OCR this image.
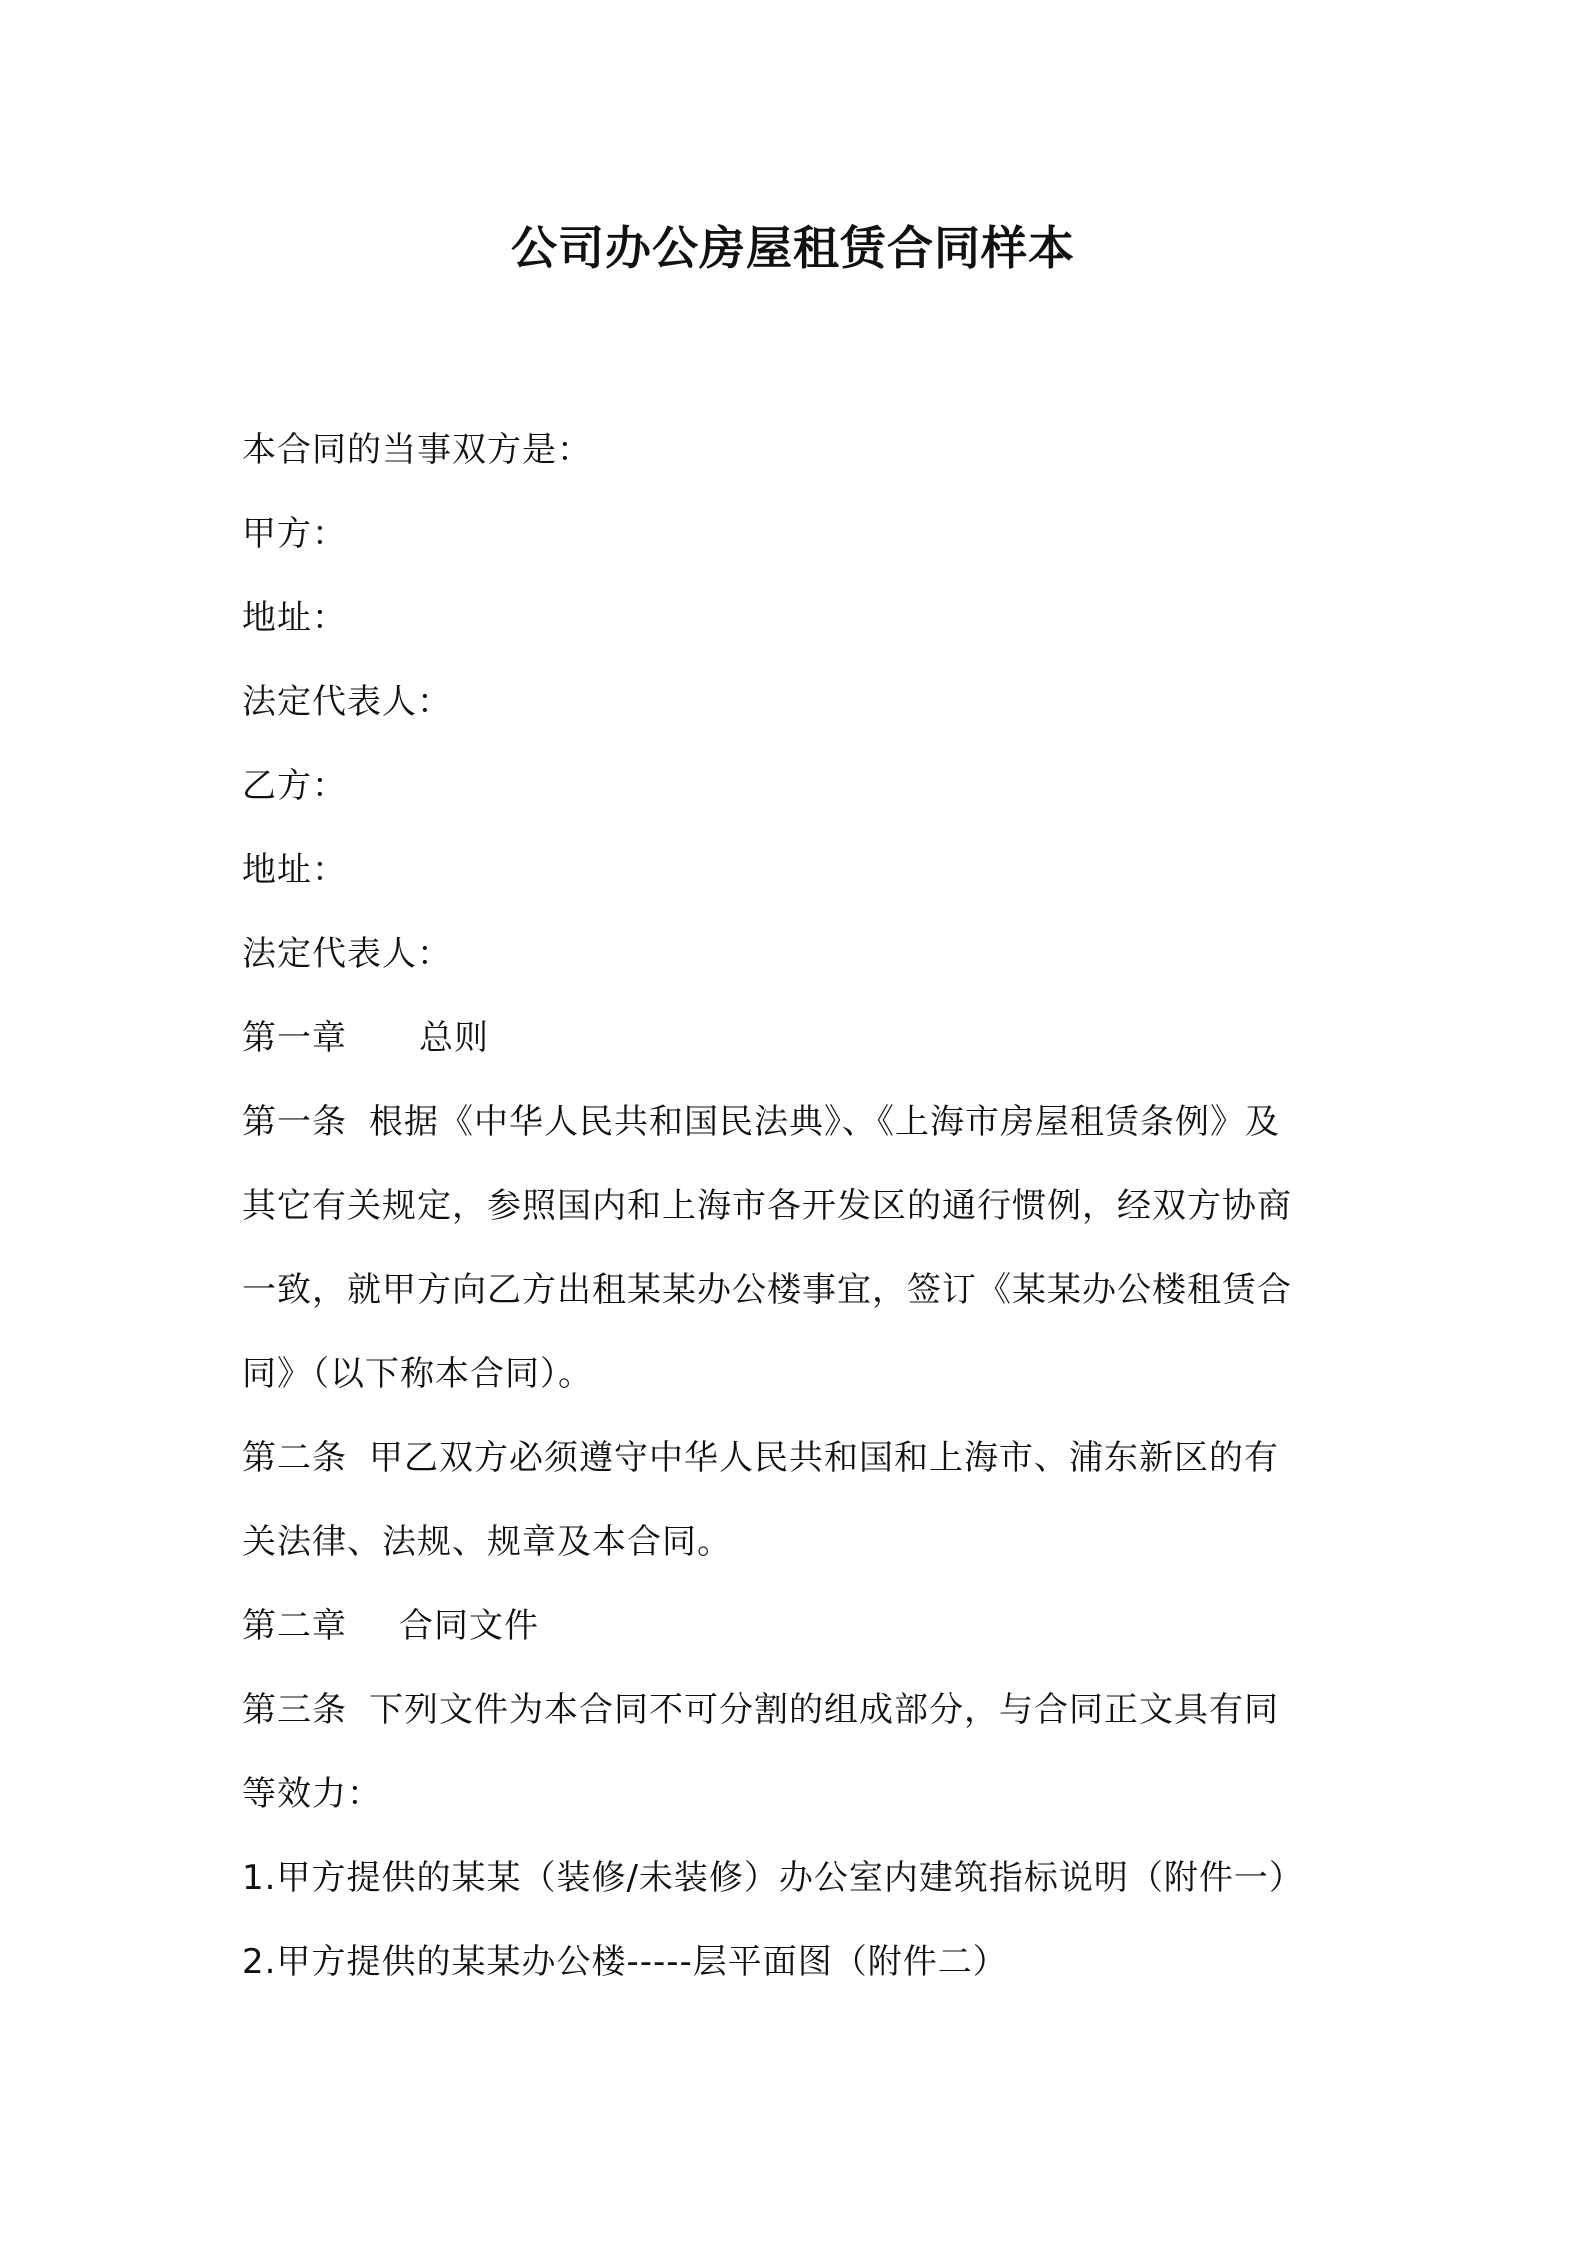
公司办公房屋租赁合同样本
本合同的当事双方是：
甲方：
地址：
法定代表人：
乙方：
地址：
法定代表人：
第一章 总则
第一条 根据《中华人民共和国民法典》、《上海市房屋租赁条例》及
其它有关规定，参照国内和上海市各开发区的通行惯例，经双方协商
一致，就甲方向乙方出租某某办公楼事宜，签订《某某办公楼租赁合
同》（以下称本合同）。
第二条 甲乙双方必须遵守中华人民共和国和上海市、浦东新区的有
关法律、法规、规章及本合同。
第二章 合同文件
第三条 下列文件为本合同不可分割的组成部分，与合同正文具有同
等效力：
1.甲方提供的某某（装修/未装修）办公室内建筑指标说明（附件一）
2.甲方提供的某某办公楼-----层平面图（附件二）
